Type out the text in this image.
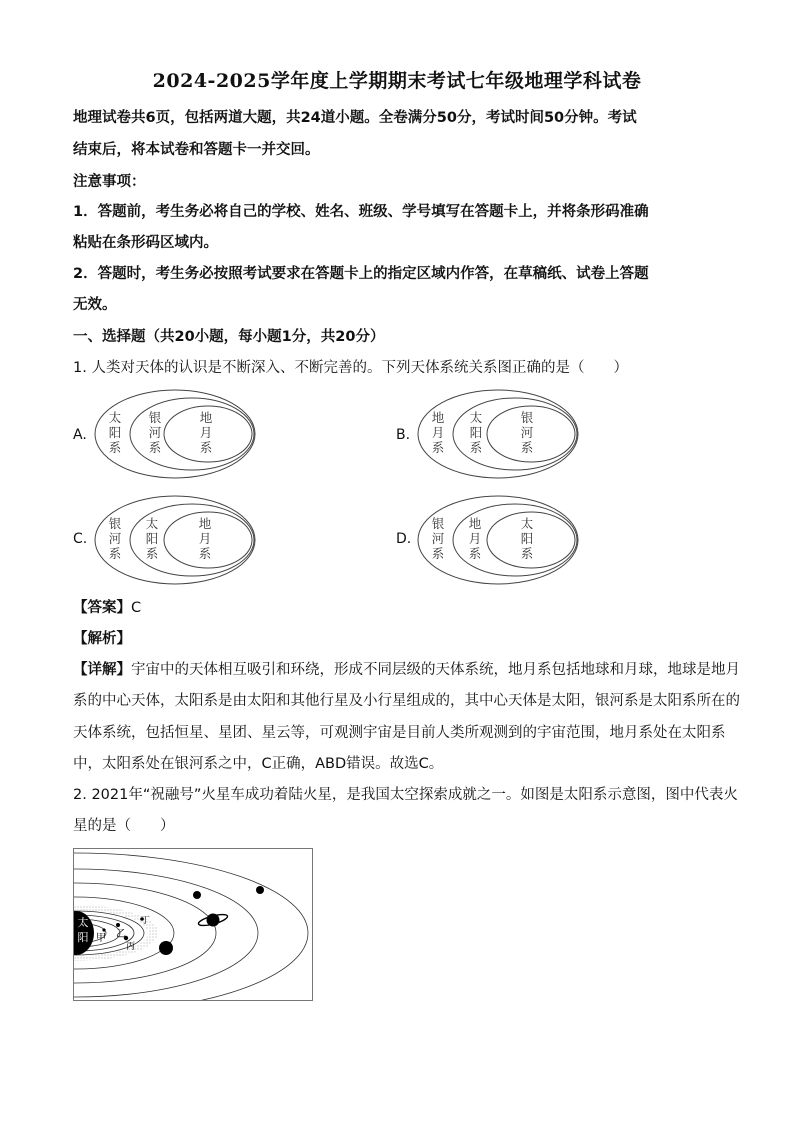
2024-2025学年度上学期期末考试七年级地理学科试卷
地理试卷共6页，包括两道大题，共24道小题。全卷满分50分，考试时间50分钟。考试
结束后，将本试卷和答题卡一并交回。
注意事项：
1．答题前，考生务必将自己的学校、姓名、班级、学号填写在答题卡上，并将条形码准确
粘贴在条形码区域内。
2．答题时，考生务必按照考试要求在答题卡上的指定区域内作答，在草稿纸、试卷上答题
无效。
一、选择题（共20小题，每小题1分，共20分）
1. 人类对天体的认识是不断深入、不断完善的。下列天体系统关系图正确的是（　　）
A.
太阳系
银河系
地月系
B.
地月系
太阳系
银河系
C.
银河系
太阳系
地月系
D.
银河系
地月系
太阳系
【答案】C
【解析】
【详解】宇宙中的天体相互吸引和环绕，形成不同层级的天体系统，地月系包括地球和月球，地球是地月
系的中心天体，太阳系是由太阳和其他行星及小行星组成的，其中心天体是太阳，银河系是太阳系所在的
天体系统，包括恒星、星团、星云等，可观测宇宙是目前人类所观测到的宇宙范围，地月系处在太阳系
中，太阳系处在银河系之中，C正确，ABD错误。故选C。
2. 2021年“祝融号”火星车成功着陆火星，是我国太空探索成就之一。如图是太阳系示意图，图中代表火
星的是（　　）
太阳 甲 乙
丙
丁
